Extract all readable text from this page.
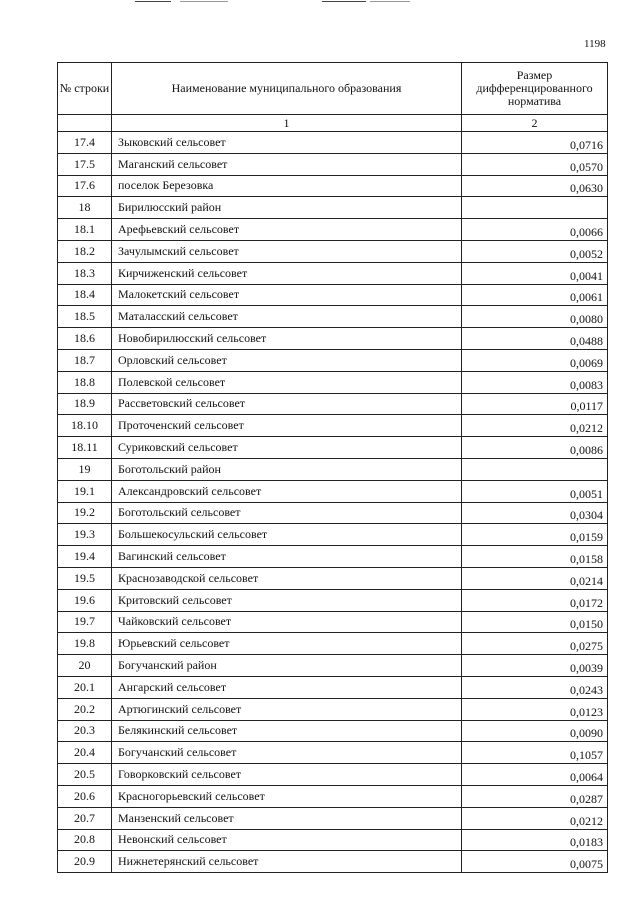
1198
№ строки	Наименование муниципального образования	Размер дифференцированного норматива
	1	2
17.4	Зыковский сельсовет	0,0716
17.5	Маганский сельсовет	0,0570
17.6	поселок Березовка	0,0630
18	Бирилюсский район	
18.1	Арефьевский сельсовет	0,0066
18.2	Зачулымский сельсовет	0,0052
18.3	Кирчиженский сельсовет	0,0041
18.4	Малокетский сельсовет	0,0061
18.5	Маталасский сельсовет	0,0080
18.6	Новобирилюсский сельсовет	0,0488
18.7	Орловский сельсовет	0,0069
18.8	Полевской сельсовет	0,0083
18.9	Рассветовский сельсовет	0,0117
18.10	Проточенский сельсовет	0,0212
18.11	Суриковский сельсовет	0,0086
19	Боготольский район	
19.1	Александровский сельсовет	0,0051
19.2	Боготольский сельсовет	0,0304
19.3	Большекосульский сельсовет	0,0159
19.4	Вагинский сельсовет	0,0158
19.5	Краснозаводской сельсовет	0,0214
19.6	Критовский сельсовет	0,0172
19.7	Чайковский сельсовет	0,0150
19.8	Юрьевский сельсовет	0,0275
20	Богучанский район	0,0039
20.1	Ангарский сельсовет	0,0243
20.2	Артюгинский сельсовет	0,0123
20.3	Белякинский сельсовет	0,0090
20.4	Богучанский сельсовет	0,1057
20.5	Говорковский сельсовет	0,0064
20.6	Красногорьевский сельсовет	0,0287
20.7	Манзенский сельсовет	0,0212
20.8	Невонский сельсовет	0,0183
20.9	Нижнетерянский сельсовет	0,0075
